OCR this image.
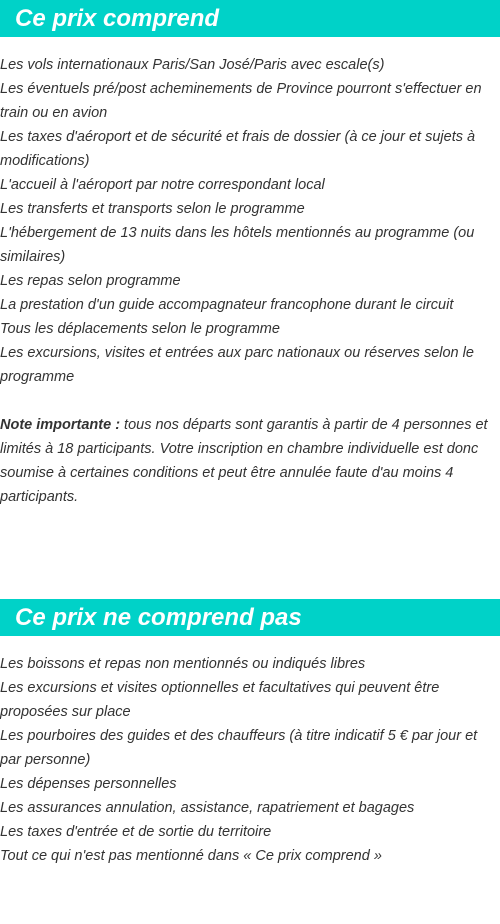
Ce prix comprend
Les vols internationaux Paris/San José/Paris avec escale(s)
Les éventuels pré/post acheminements de Province pourront s'effectuer en train ou en avion
Les taxes d'aéroport et de sécurité et frais de dossier (à ce jour et sujets à modifications)
L'accueil à l'aéroport par notre correspondant local
Les transferts et transports selon le programme
L'hébergement de 13 nuits dans les hôtels mentionnés au programme (ou similaires)
Les repas selon programme
La prestation d'un guide accompagnateur francophone durant le circuit
Tous les déplacements selon le programme
Les excursions, visites et entrées aux parc nationaux ou réserves selon le programme

Note importante : tous nos départs sont garantis à partir de 4 personnes et limités à 18 participants. Votre inscription en chambre individuelle est donc soumise à certaines conditions et peut être annulée faute d'au moins 4 participants.

Ce prix ne comprend pas
Les boissons et repas non mentionnés ou indiqués libres
Les excursions et visites optionnelles et facultatives qui peuvent être proposées sur place
Les pourboires des guides et des chauffeurs (à titre indicatif 5 € par jour et par personne)
Les dépenses personnelles
Les assurances annulation, assistance, rapatriement et bagages
Les taxes d'entrée et de sortie du territoire
Tout ce qui n'est pas mentionné dans « Ce prix comprend »
